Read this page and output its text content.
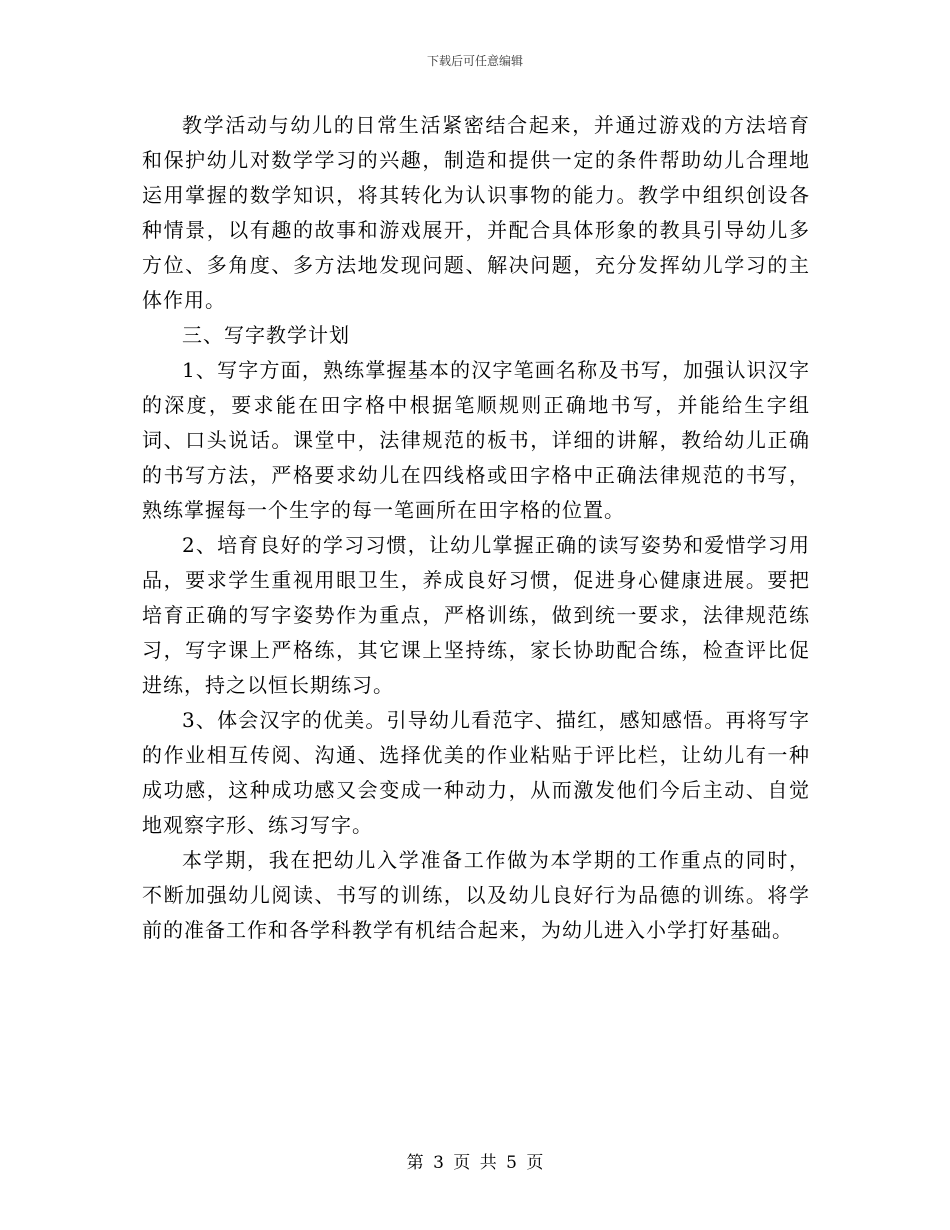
下载后可任意编辑

教学活动与幼儿的日常生活紧密结合起来，并通过游戏的方法培育和保护幼儿对数学学习的兴趣，制造和提供一定的条件帮助幼儿合理地运用掌握的数学知识，将其转化为认识事物的能力。教学中组织创设各种情景，以有趣的故事和游戏展开，并配合具体形象的教具引导幼儿多方位、多角度、多方法地发现问题、解决问题，充分发挥幼儿学习的主体作用。

三、写字教学计划

1、写字方面，熟练掌握基本的汉字笔画名称及书写，加强认识汉字的深度，要求能在田字格中根据笔顺规则正确地书写，并能给生字组词、口头说话。课堂中，法律规范的板书，详细的讲解，教给幼儿正确的书写方法，严格要求幼儿在四线格或田字格中正确法律规范的书写，熟练掌握每一个生字的每一笔画所在田字格的位置。

2、培育良好的学习习惯，让幼儿掌握正确的读写姿势和爱惜学习用品，要求学生重视用眼卫生，养成良好习惯，促进身心健康进展。要把培育正确的写字姿势作为重点，严格训练，做到统一要求，法律规范练习，写字课上严格练，其它课上坚持练，家长协助配合练，检查评比促进练，持之以恒长期练习。

3、体会汉字的优美。引导幼儿看范字、描红，感知感悟。再将写字的作业相互传阅、沟通、选择优美的作业粘贴于评比栏，让幼儿有一种成功感，这种成功感又会变成一种动力，从而激发他们今后主动、自觉地观察字形、练习写字。

本学期，我在把幼儿入学准备工作做为本学期的工作重点的同时，不断加强幼儿阅读、书写的训练，以及幼儿良好行为品德的训练。将学前的准备工作和各学科教学有机结合起来，为幼儿进入小学打好基础。

第 3 页 共 5 页
